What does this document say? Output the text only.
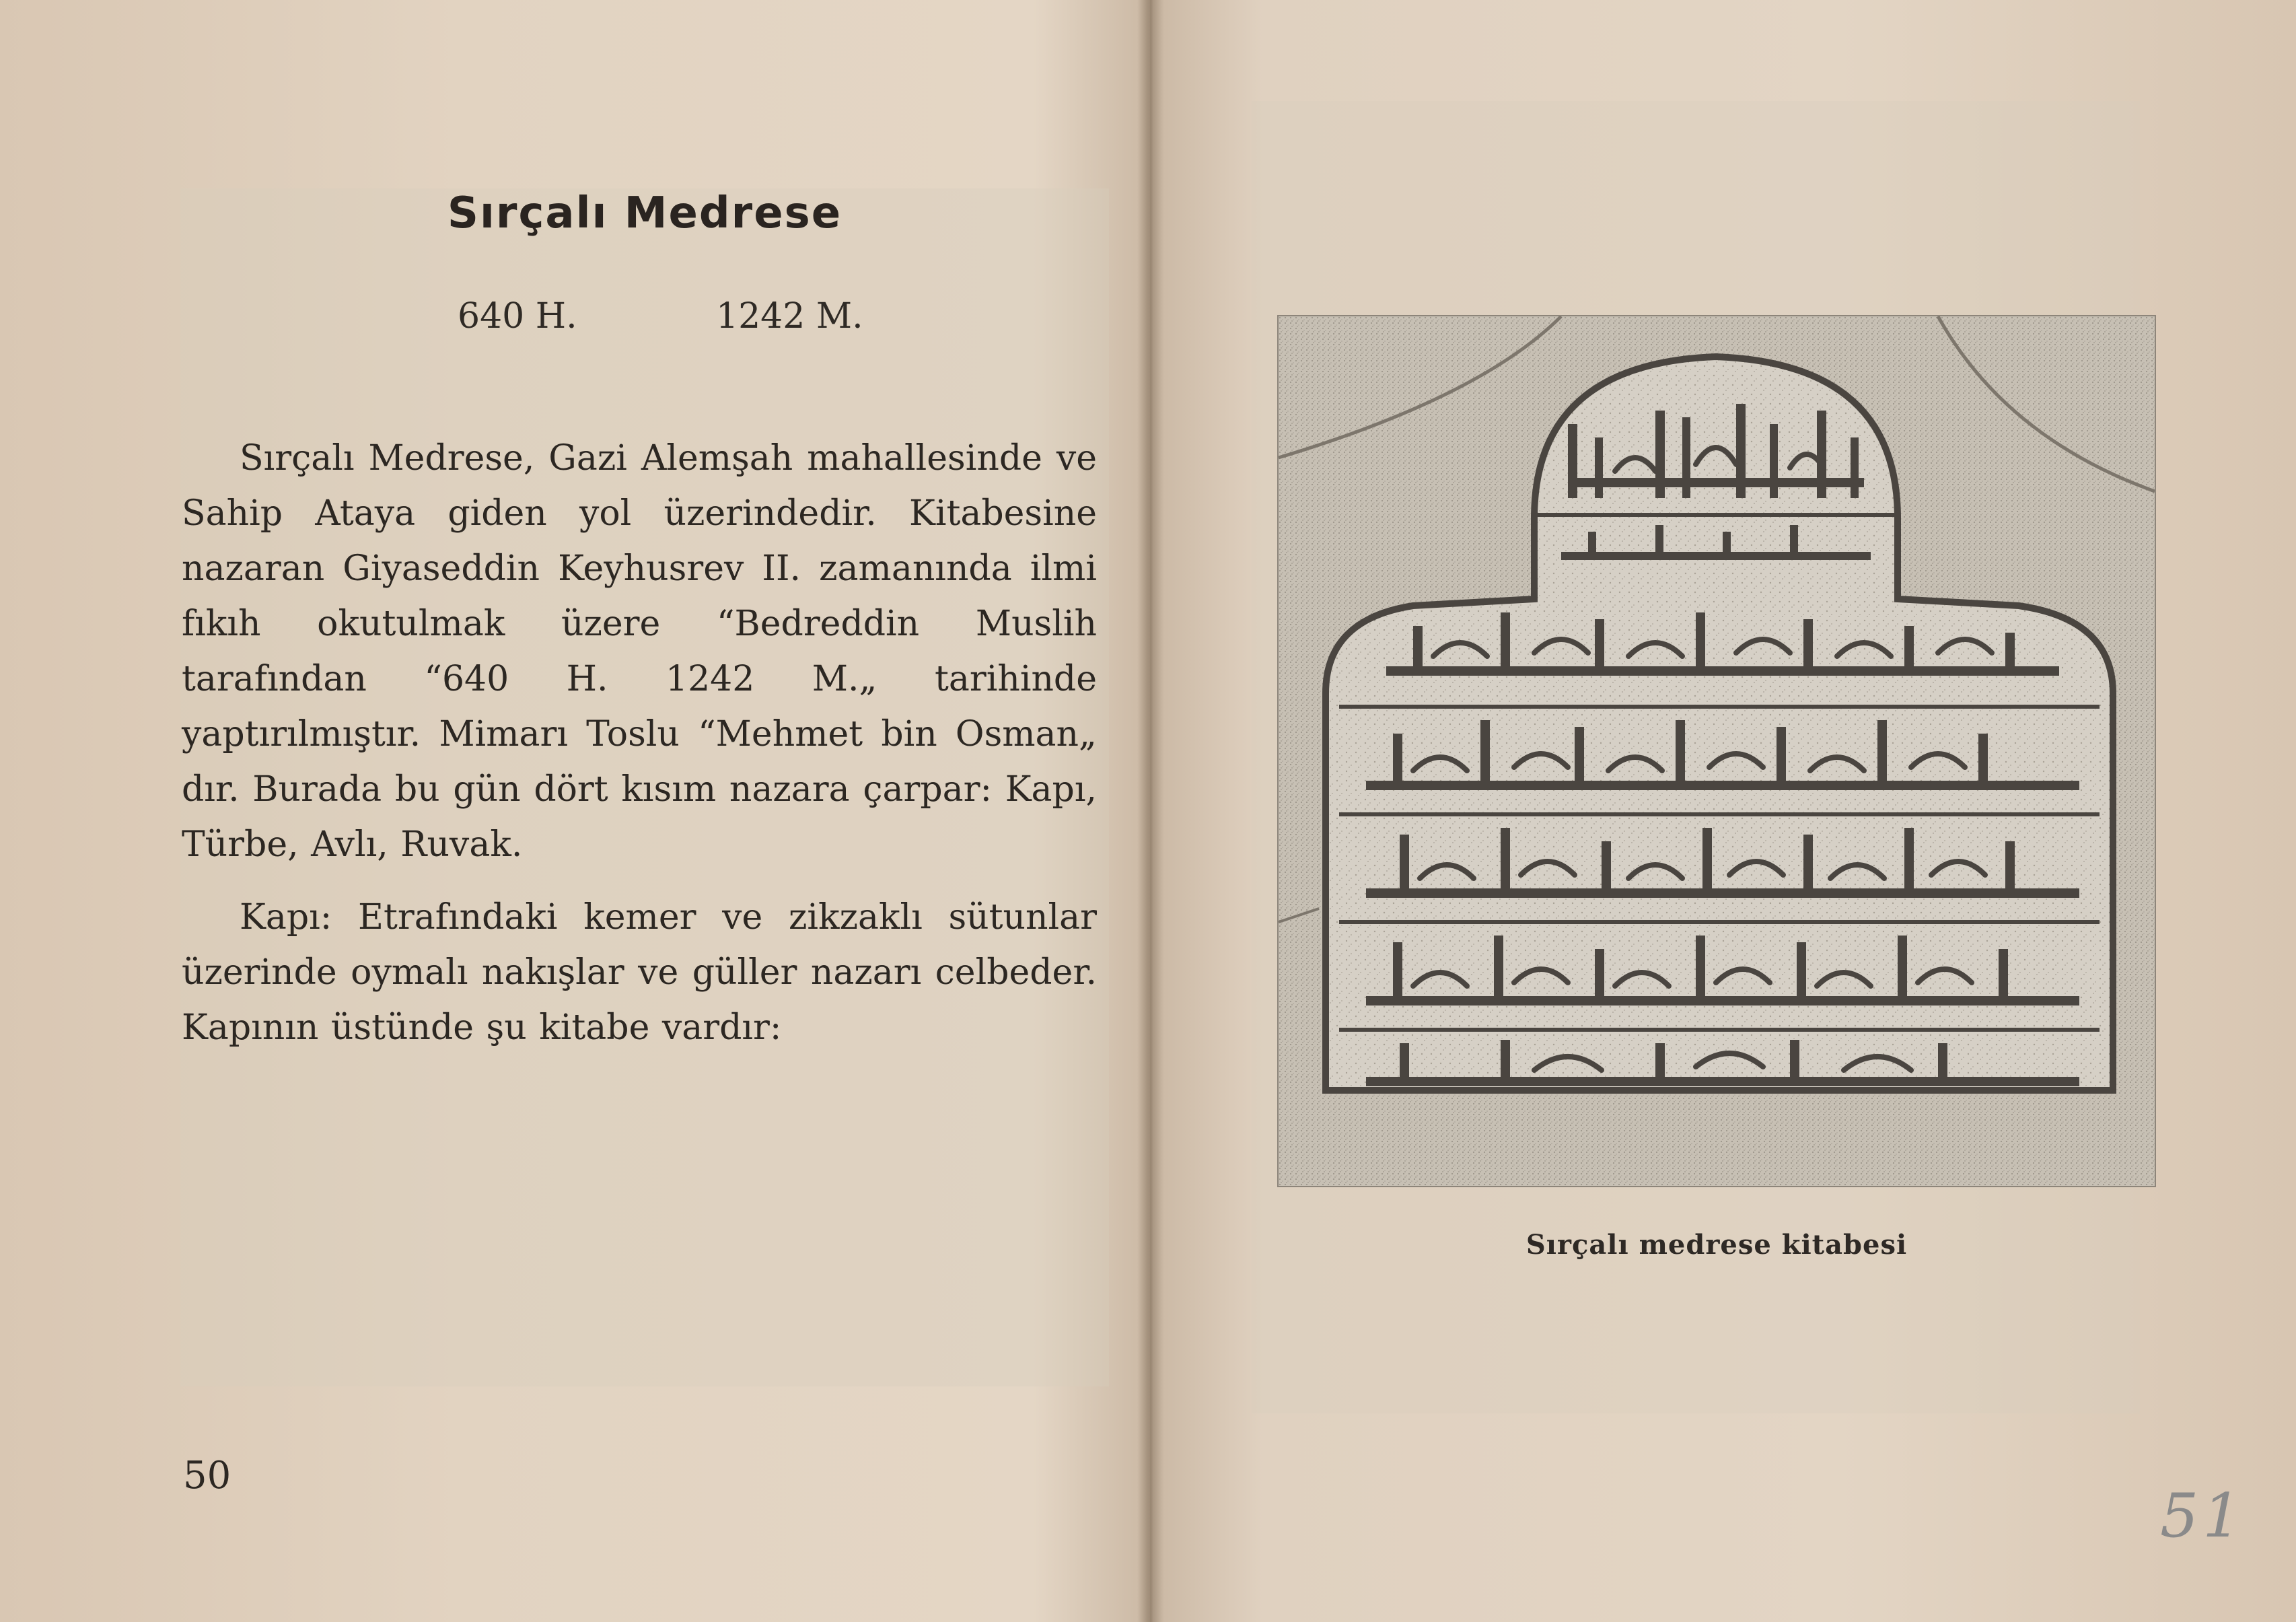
Sırçalı Medrese
640 H.	1242 M.

Sırçalı Medrese, Gazi Alemşah mahallesinde ve Sahip Ataya giden yol üzerindedir. Kitabesine nazaran Giyaseddin Keyhusrev II. zamanında ilmi fıkıh okutulmak üzere “Bedreddin Muslih tarafından “640 H. 1242 M.„ tarihinde yaptırılmıştır. Mimarı Toslu “Mehmet bin Osman„ dır. Burada bu gün dört kısım nazara çarpar: Kapı, Türbe, Avlı, Ruvak.

Kapı: Etrafındaki kemer ve zikzaklı sütunlar üzerinde oymalı nakışlar ve güller nazarı celbeder. Kapının üstünde şu kitabe vardır:

50
Sırçalı medrese kitabesi
51
